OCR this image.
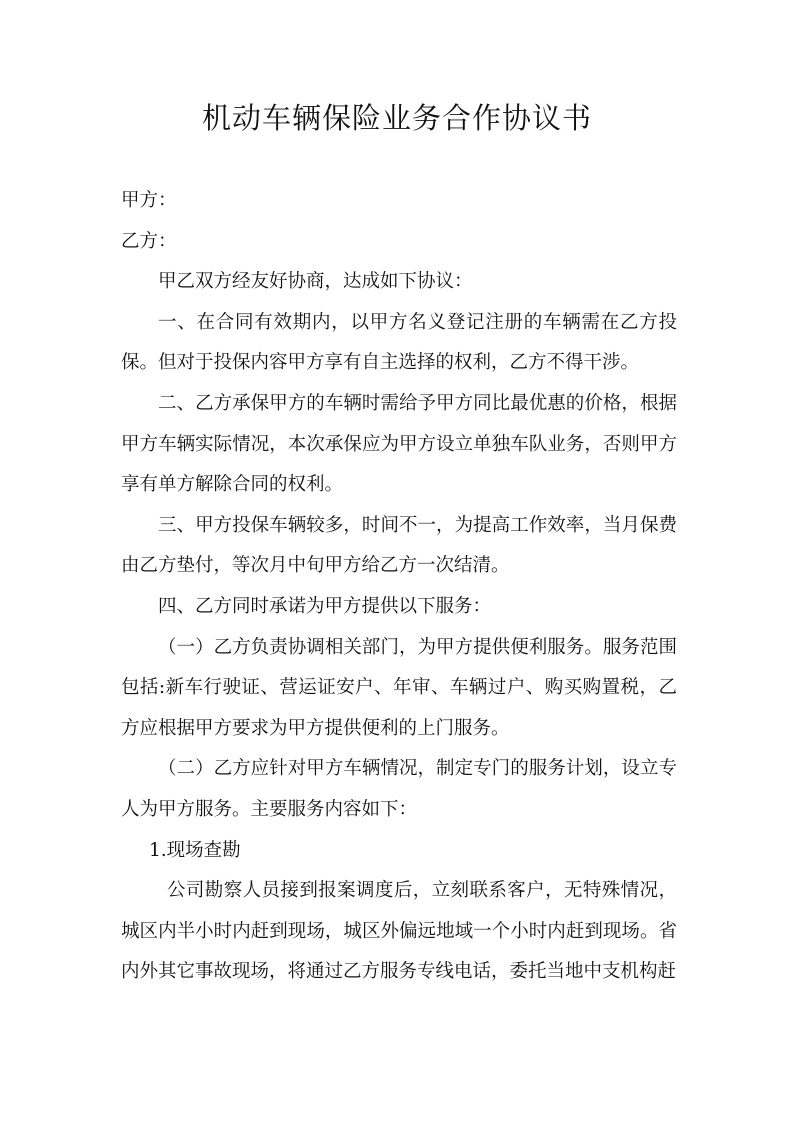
机动车辆保险业务合作协议书

甲方：

乙方：

甲乙双方经友好协商，达成如下协议：

一、在合同有效期内，以甲方名义登记注册的车辆需在乙方投保。但对于投保内容甲方享有自主选择的权利，乙方不得干涉。

二、乙方承保甲方的车辆时需给予甲方同比最优惠的价格，根据甲方车辆实际情况，本次承保应为甲方设立单独车队业务，否则甲方享有单方解除合同的权利。

三、甲方投保车辆较多，时间不一，为提高工作效率，当月保费由乙方垫付，等次月中旬甲方给乙方一次结清。

四、乙方同时承诺为甲方提供以下服务：

（一）乙方负责协调相关部门，为甲方提供便利服务。服务范围包括:新车行驶证、营运证安户、年审、车辆过户、购买购置税，乙方应根据甲方要求为甲方提供便利的上门服务。

（二）乙方应针对甲方车辆情况，制定专门的服务计划，设立专人为甲方服务。主要服务内容如下：

1.现场查勘

公司勘察人员接到报案调度后，立刻联系客户，无特殊情况，城区内半小时内赶到现场，城区外偏远地域一个小时内赶到现场。省内外其它事故现场，将通过乙方服务专线电话，委托当地中支机构赶
